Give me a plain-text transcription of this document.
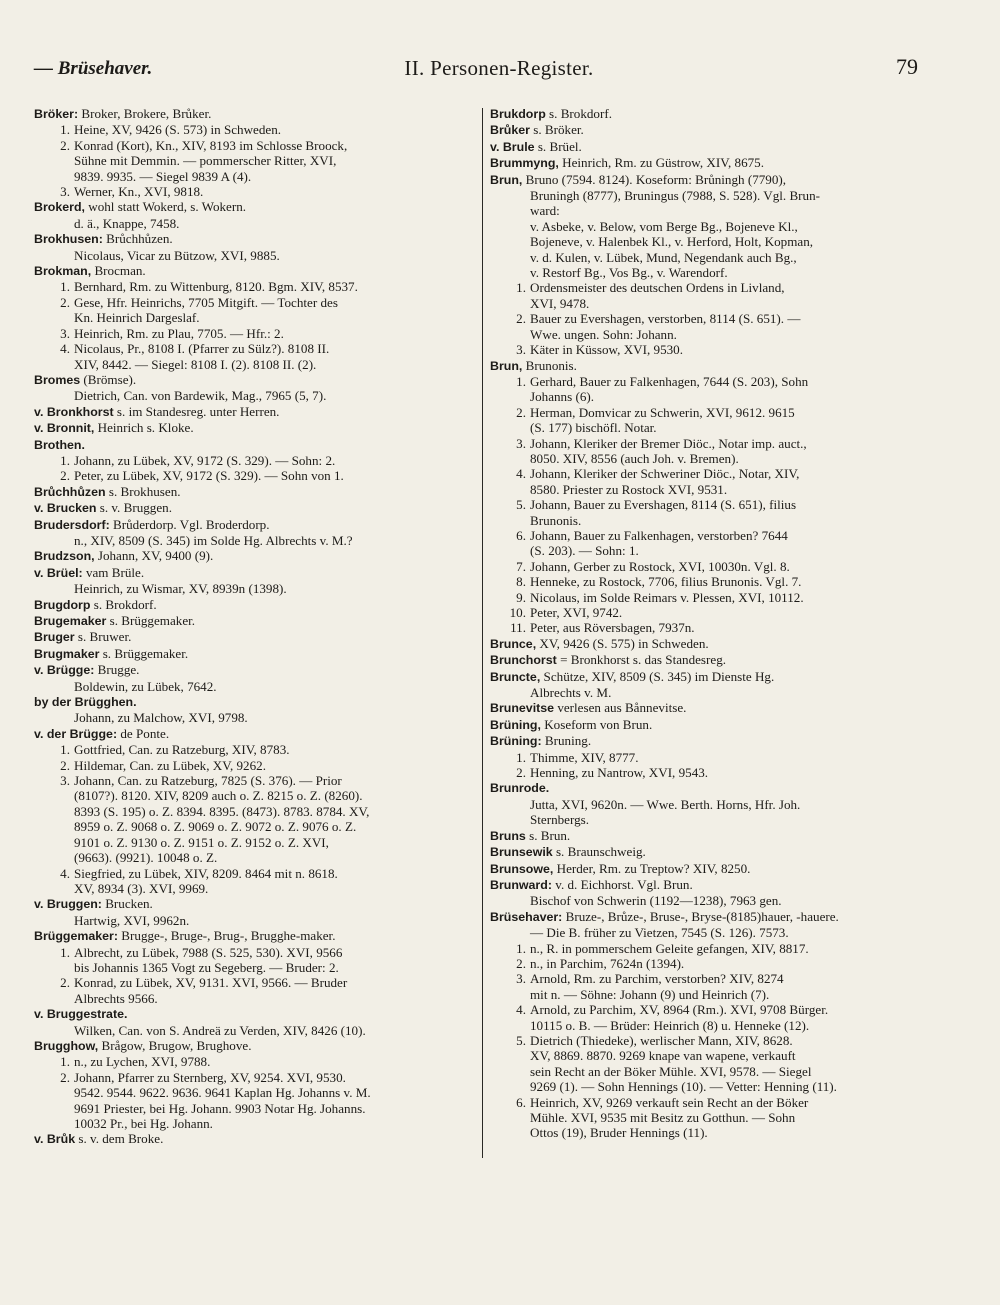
— Brüsehaver.	II. Personen-Register.	79
Bröker: Broker, Brokere, Brůker.
1. Heine, XV, 9426 (S. 573) in Schweden.
2. Konrad (Kort), Kn., XIV, 8193 im Schlosse Broock,
Sühne mit Demmin. — pommerscher Ritter, XVI,
9839. 9935. — Siegel 9839 A (4).
3. Werner, Kn., XVI, 9818.
Brokerd, wohl statt Wokerd, s. Wokern.
d. ä., Knappe, 7458.
Brokhusen: Brůchhůzen.
Nicolaus, Vicar zu Bützow, XVI, 9885.
Brokman, Brocman.
1. Bernhard, Rm. zu Wittenburg, 8120. Bgm. XIV, 8537.
2. Gese, Hfr. Heinrichs, 7705 Mitgift. — Tochter des
Kn. Heinrich Dargeslaf.
3. Heinrich, Rm. zu Plau, 7705. — Hfr.: 2.
4. Nicolaus, Pr., 8108 I. (Pfarrer zu Sülz?). 8108 II.
XIV, 8442. — Siegel: 8108 I. (2). 8108 II. (2).
Bromes (Brömse).
Dietrich, Can. von Bardewik, Mag., 7965 (5, 7).
v. Bronkhorst s. im Standesreg. unter Herren.
v. Bronnit, Heinrich s. Kloke.
Brothen.
1. Johann, zu Lübek, XV, 9172 (S. 329). — Sohn: 2.
2. Peter, zu Lübek, XV, 9172 (S. 329). — Sohn von 1.
Brůchhůzen s. Brokhusen.
v. Brucken s. v. Bruggen.
Brudersdorf: Brůderdorp. Vgl. Broderdorp.
n., XIV, 8509 (S. 345) im Solde Hg. Albrechts v. M.?
Brudzson, Johann, XV, 9400 (9).
v. Brüel: vam Brüle.
Heinrich, zu Wismar, XV, 8939n (1398).
Brugdorp s. Brokdorf.
Brugemaker s. Brüggemaker.
Bruger s. Bruwer.
Brugmaker s. Brüggemaker.
v. Brügge: Brugge.
Boldewin, zu Lübek, 7642.
by der Brügghen.
Johann, zu Malchow, XVI, 9798.
v. der Brügge: de Ponte.
1. Gottfried, Can. zu Ratzeburg, XIV, 8783.
2. Hildemar, Can. zu Lübek, XV, 9262.
3. Johann, Can. zu Ratzeburg, 7825 (S. 376). — Prior
(8107?). 8120. XIV, 8209 auch o. Z. 8215 o. Z. (8260).
8393 (S. 195) o. Z. 8394. 8395. (8473). 8783. 8784. XV,
8959 o. Z. 9068 o. Z. 9069 o. Z. 9072 o. Z. 9076 o. Z.
9101 o. Z. 9130 o. Z. 9151 o. Z. 9152 o. Z. XVI,
(9663). (9921). 10048 o. Z.
4. Siegfried, zu Lübek, XIV, 8209. 8464 mit n. 8618.
XV, 8934 (3). XVI, 9969.
v. Bruggen: Brucken.
Hartwig, XVI, 9962n.
Brüggemaker: Brugge-, Bruge-, Brug-, Brugghe-maker.
1. Albrecht, zu Lübek, 7988 (S. 525, 530). XVI, 9566
bis Johannis 1365 Vogt zu Segeberg. — Bruder: 2.
2. Konrad, zu Lübek, XV, 9131. XVI, 9566. — Bruder
Albrechts 9566.
v. Bruggestrate.
Wilken, Can. von S. Andreä zu Verden, XIV, 8426 (10).
Brugghow, Brågow, Brugow, Brughove.
1. n., zu Lychen, XVI, 9788.
2. Johann, Pfarrer zu Sternberg, XV, 9254. XVI, 9530.
9542. 9544. 9622. 9636. 9641 Kaplan Hg. Johanns v. M.
9691 Priester, bei Hg. Johann. 9903 Notar Hg. Johanns.
10032 Pr., bei Hg. Johann.
v. Brůk s. v. dem Broke.
Brukdorp s. Brokdorf.
Brůker s. Bröker.
v. Brule s. Brüel.
Brummyng, Heinrich, Rm. zu Güstrow, XIV, 8675.
Brun, Bruno (7594. 8124). Koseform: Brůningh (7790),
Bruningh (8777), Bruningus (7988, S. 528). Vgl. Brun-
ward:
v. Asbeke, v. Below, vom Berge Bg., Bojeneve Kl.,
Bojeneve, v. Halenbek Kl., v. Herford, Holt, Kopman,
v. d. Kulen, v. Lübek, Mund, Negendank auch Bg.,
v. Restorf Bg., Vos Bg., v. Warendorf.
1. Ordensmeister des deutschen Ordens in Livland,
XVI, 9478.
2. Bauer zu Evershagen, verstorben, 8114 (S. 651). —
Wwe. ungen. Sohn: Johann.
3. Käter in Küssow, XVI, 9530.
Brun, Brunonis.
1. Gerhard, Bauer zu Falkenhagen, 7644 (S. 203), Sohn
Johanns (6).
2. Herman, Domvicar zu Schwerin, XVI, 9612. 9615
(S. 177) bischöfl. Notar.
3. Johann, Kleriker der Bremer Diöc., Notar imp. auct.,
8050. XIV, 8556 (auch Joh. v. Bremen).
4. Johann, Kleriker der Schweriner Diöc., Notar, XIV,
8580. Priester zu Rostock XVI, 9531.
5. Johann, Bauer zu Evershagen, 8114 (S. 651), filius
Brunonis.
6. Johann, Bauer zu Falkenhagen, verstorben? 7644
(S. 203). — Sohn: 1.
7. Johann, Gerber zu Rostock, XVI, 10030n. Vgl. 8.
8. Henneke, zu Rostock, 7706, filius Brunonis. Vgl. 7.
9. Nicolaus, im Solde Reimars v. Plessen, XVI, 10112.
10. Peter, XVI, 9742.
11. Peter, aus Röversbagen, 7937n.
Brunce, XV, 9426 (S. 575) in Schweden.
Brunchorst = Bronkhorst s. das Standesreg.
Bruncte, Schütze, XIV, 8509 (S. 345) im Dienste Hg.
Albrechts v. M.
Brunevitse verlesen aus Bånnevitse.
Brüning, Koseform von Brun.
Brüning: Bruning.
1. Thimme, XIV, 8777.
2. Henning, zu Nantrow, XVI, 9543.
Brunrode.
Jutta, XVI, 9620n. — Wwe. Berth. Horns, Hfr. Joh.
Sternbergs.
Bruns s. Brun.
Brunsewik s. Braunschweig.
Brunsowe, Herder, Rm. zu Treptow? XIV, 8250.
Brunward: v. d. Eichhorst. Vgl. Brun.
Bischof von Schwerin (1192—1238), 7963 gen.
Brüsehaver: Bruze-, Brůze-, Bruse-, Bryse-(8185)hauer, -hauere.
— Die B. früher zu Vietzen, 7545 (S. 126). 7573.
1. n., R. in pommerschem Geleite gefangen, XIV, 8817.
2. n., in Parchim, 7624n (1394).
3. Arnold, Rm. zu Parchim, verstorben? XIV, 8274
mit n. — Söhne: Johann (9) und Heinrich (7).
4. Arnold, zu Parchim, XV, 8964 (Rm.). XVI, 9708 Bürger.
10115 o. B. — Brüder: Heinrich (8) u. Henneke (12).
5. Dietrich (Thiedeke), werlischer Mann, XIV, 8628.
XV, 8869. 8870. 9269 knape van wapene, verkauft
sein Recht an der Böker Mühle. XVI, 9578. — Siegel
9269 (1). — Sohn Hennings (10). — Vetter: Henning (11).
6. Heinrich, XV, 9269 verkauft sein Recht an der Böker
Mühle. XVI, 9535 mit Besitz zu Gotthun. — Sohn
Ottos (19), Bruder Hennings (11).
